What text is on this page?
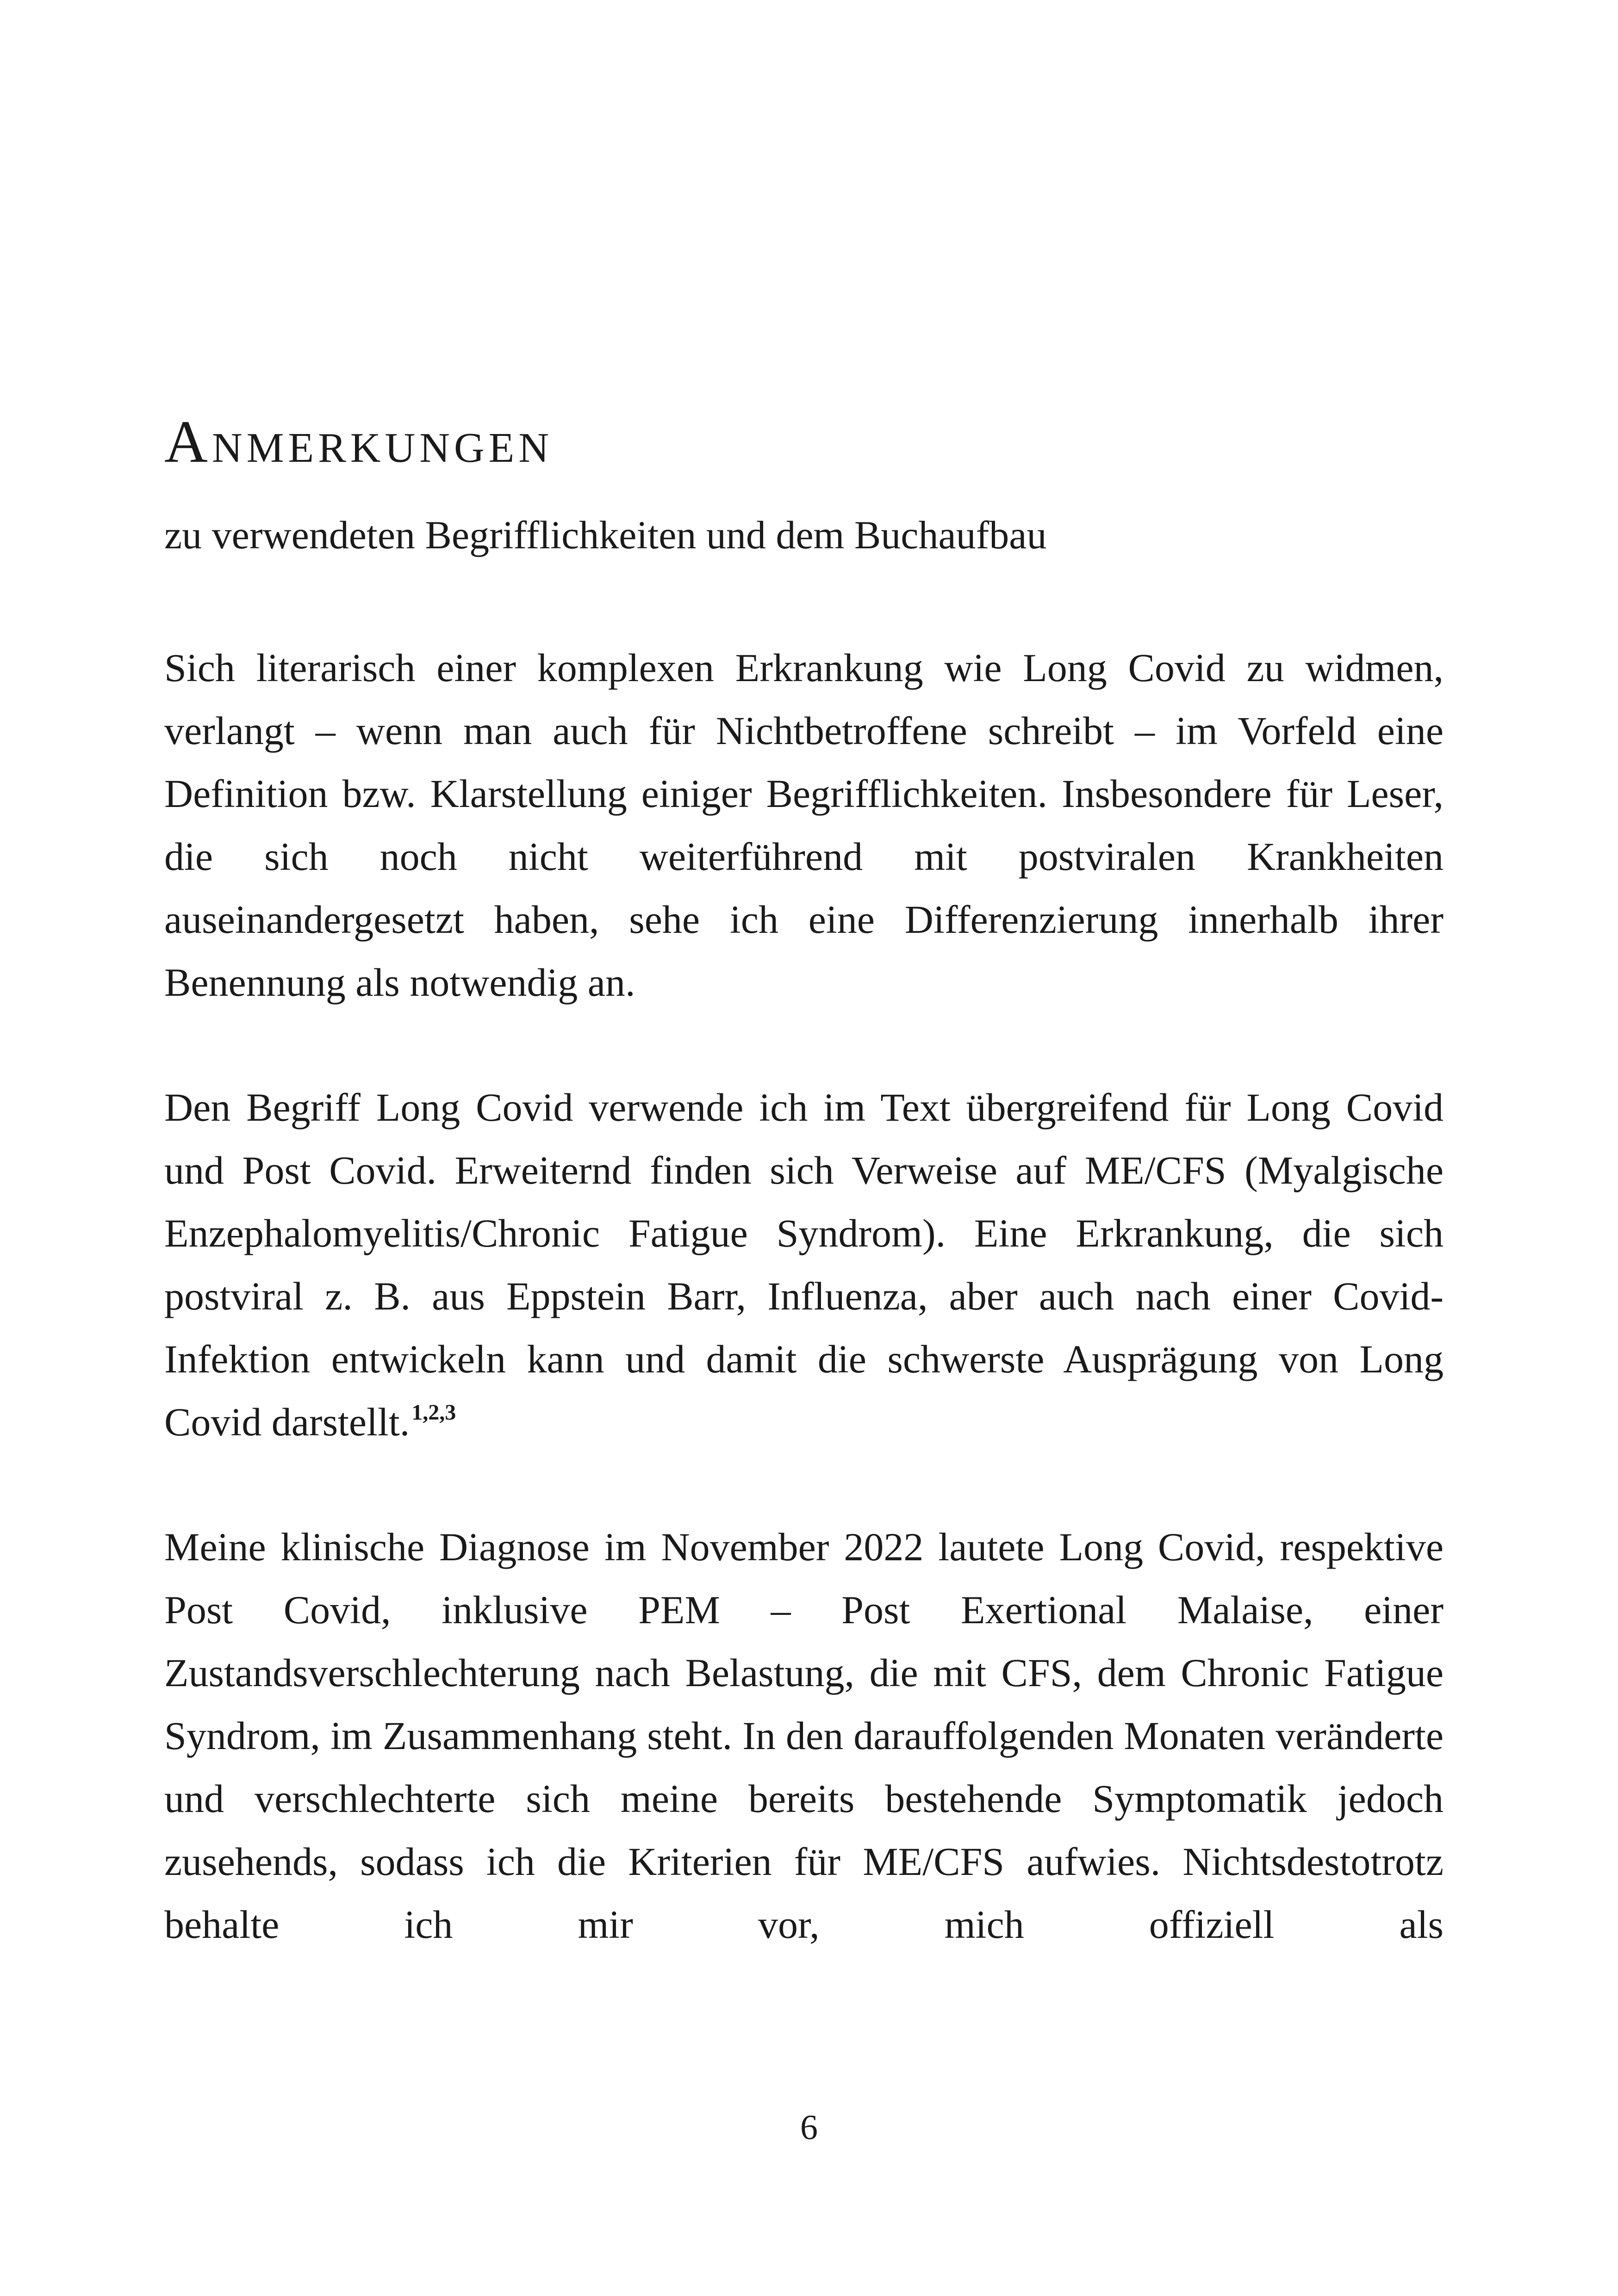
Anmerkungen

zu verwendeten Begrifflichkeiten und dem Buchaufbau

Sich literarisch einer komplexen Erkrankung wie Long Covid zu widmen, verlangt – wenn man auch für Nichtbetroffene schreibt – im Vorfeld eine Definition bzw. Klarstellung einiger Begrifflichkeiten. Insbesondere für Leser, die sich noch nicht weiterführend mit postviralen Krankheiten auseinandergesetzt haben, sehe ich eine Differenzierung innerhalb ihrer Benennung als notwendig an.

Den Begriff Long Covid verwende ich im Text übergreifend für Long Covid und Post Covid. Erweiternd finden sich Verweise auf ME/CFS (Myalgische Enzephalomyelitis/Chronic Fatigue Syndrom). Eine Erkrankung, die sich postviral z. B. aus Eppstein Barr, Influenza, aber auch nach einer Covid-Infektion entwickeln kann und damit die schwerste Ausprägung von Long Covid darstellt.$^{1,2,3}$

Meine klinische Diagnose im November 2022 lautete Long Covid, respektive Post Covid, inklusive PEM – Post Exertional Malaise, einer Zustandsverschlechterung nach Belastung, die mit CFS, dem Chronic Fatigue Syndrom, im Zusammenhang steht. In den darauffolgenden Monaten veränderte und verschlechterte sich meine bereits bestehende Symptomatik jedoch zusehends, sodass ich die Kriterien für ME/CFS aufwies. Nichtsdestotrotz behalte ich mir vor, mich offiziell als

6
